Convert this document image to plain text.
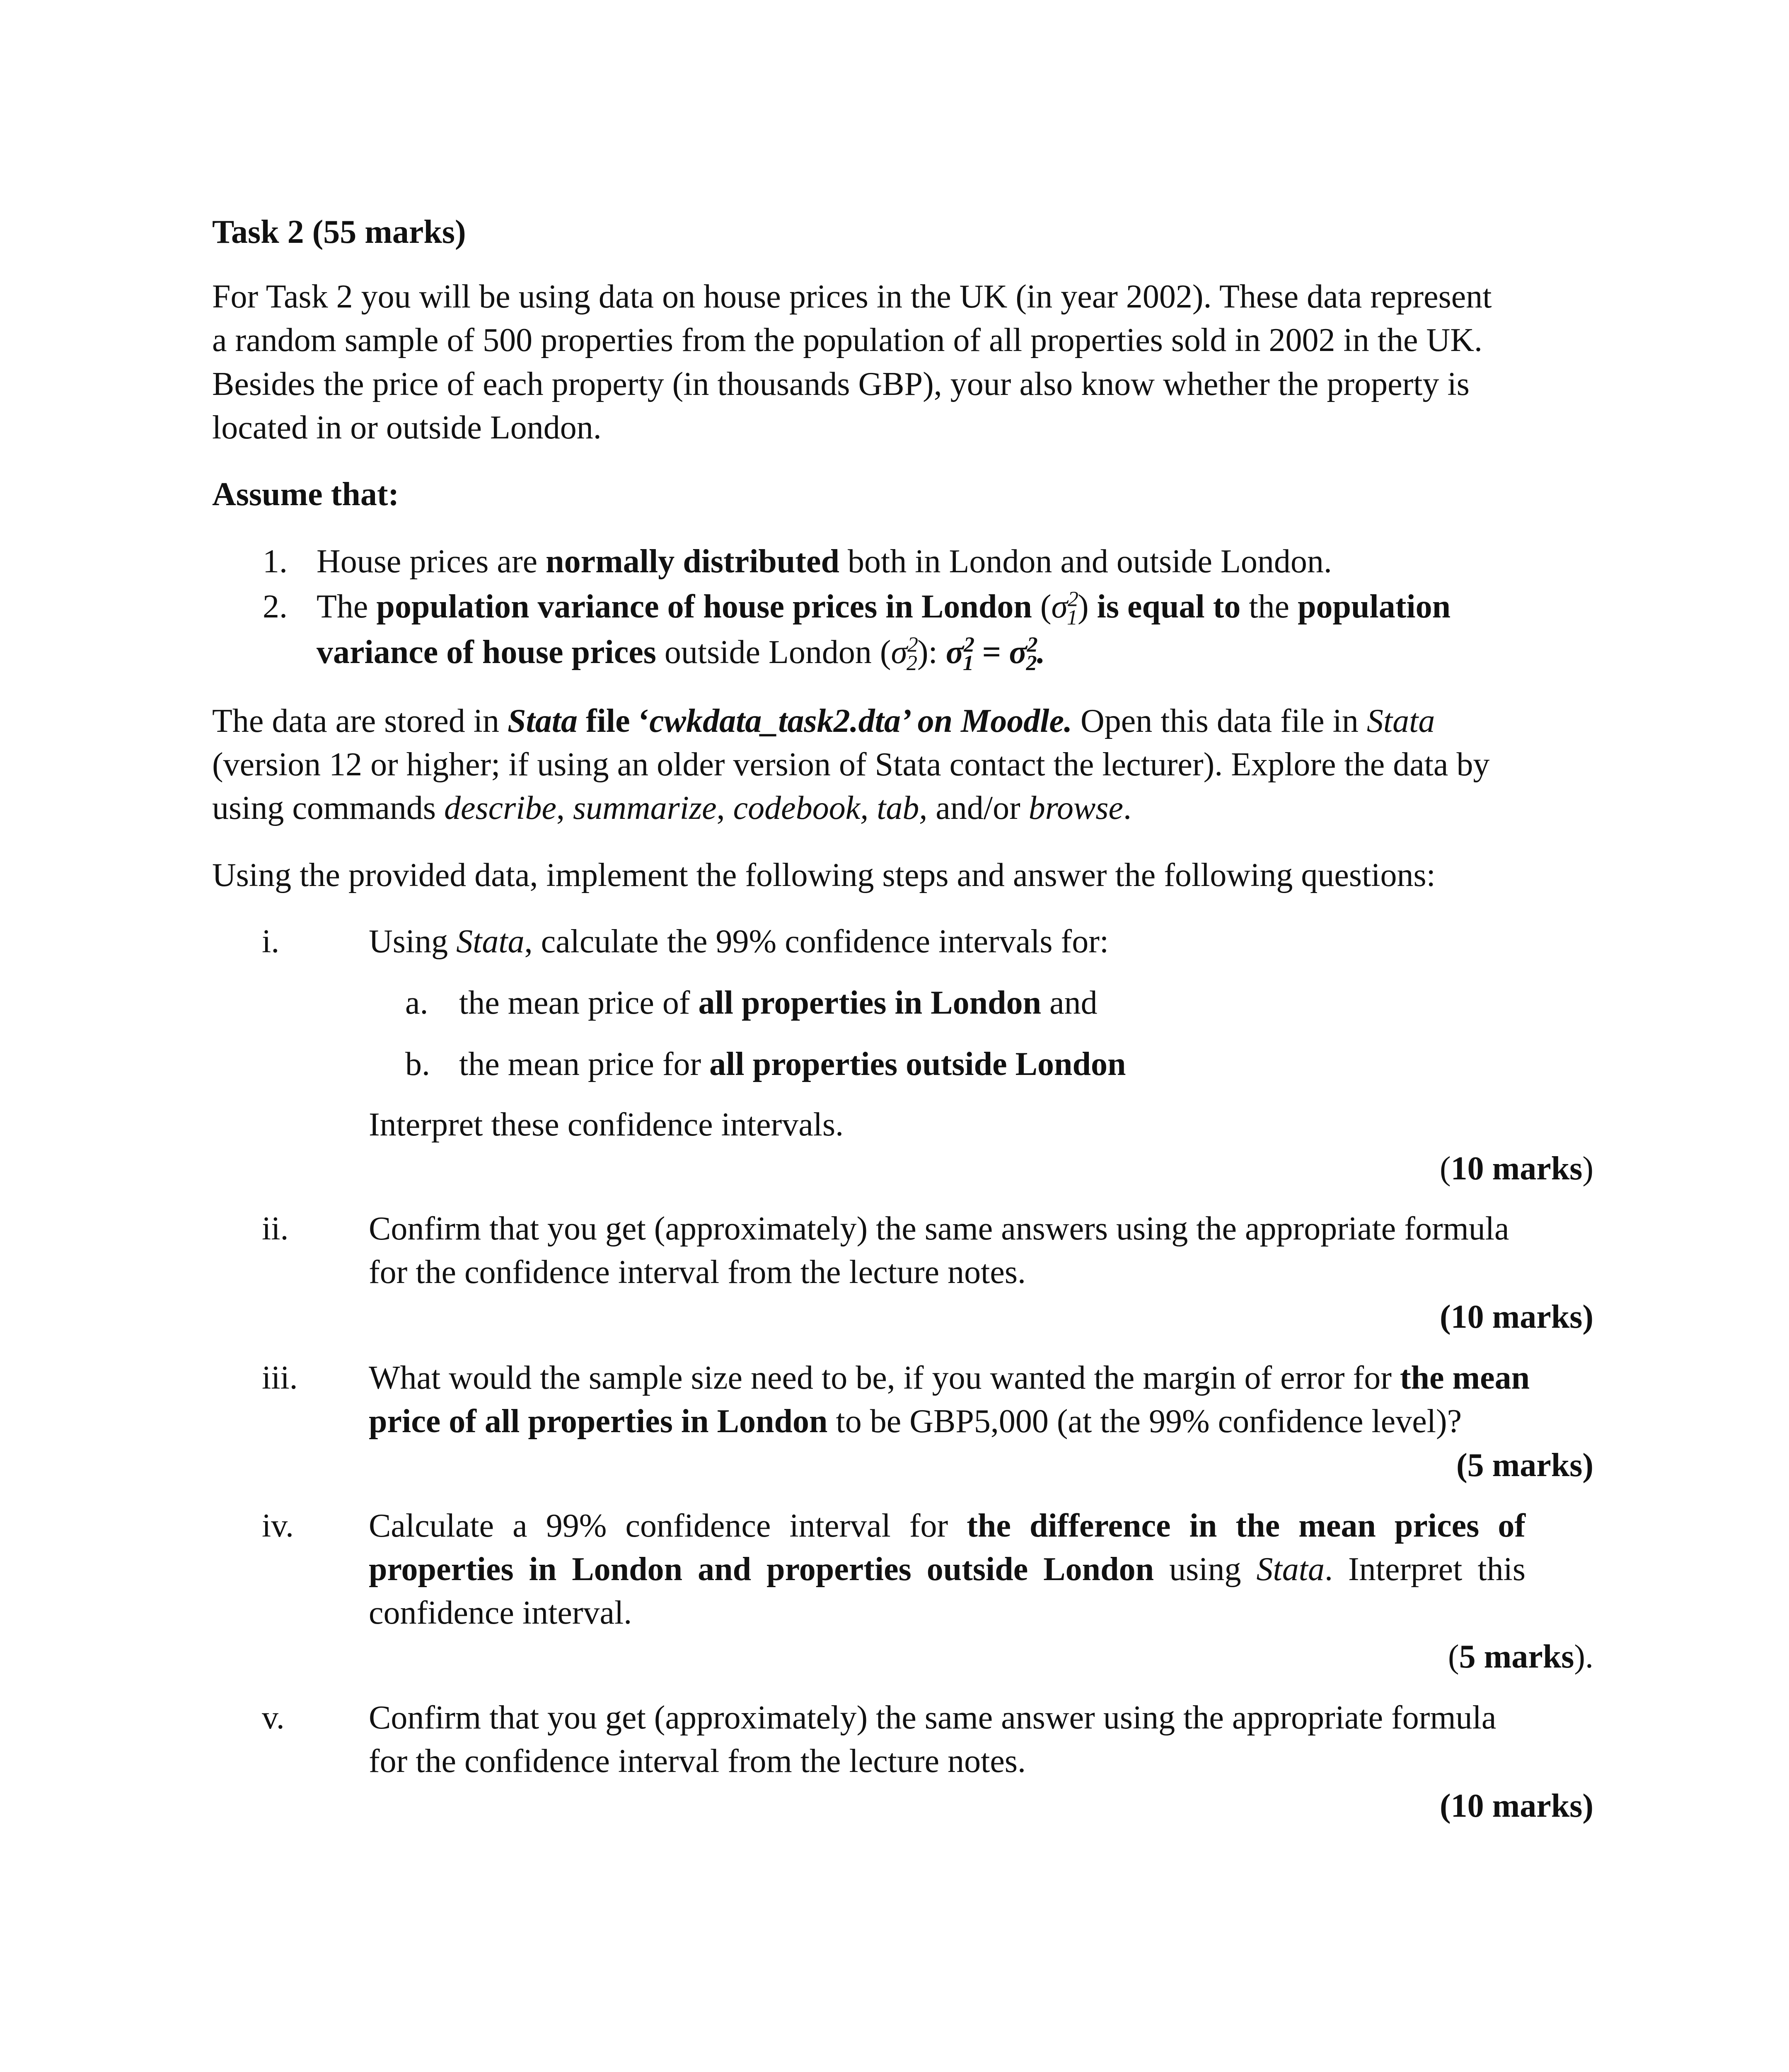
Task 2 (55 marks)
For Task 2 you will be using data on house prices in the UK (in year 2002). These data represent
a random sample of 500 properties from the population of all properties sold in 2002 in the UK.
Besides the price of each property (in thousands GBP), your also know whether the property is
located in or outside London.
Assume that:
1. House prices are normally distributed both in London and outside London.
2. The population variance of house prices in London $(\sigma^2_1)$ is equal to the population
variance of house prices outside London $(\sigma^2_2)$: $\sigma^2_1 = \sigma^2_2$.
The data are stored in Stata file ‘cwkdata_task2.dta’ on Moodle. Open this data file in Stata
(version 12 or higher; if using an older version of Stata contact the lecturer). Explore the data by
using commands describe, summarize, codebook, tab, and/or browse.
Using the provided data, implement the following steps and answer the following questions:
i.	Using Stata, calculate the 99% confidence intervals for:
a. the mean price of all properties in London and
b. the mean price for all properties outside London
Interpret these confidence intervals.
(10 marks)
ii. Confirm that you get (approximately) the same answers using the appropriate formula
for the confidence interval from the lecture notes.
(10 marks)
iii. What would the sample size need to be, if you wanted the margin of error for the mean
price of all properties in London to be GBP5,000 (at the 99% confidence level)?
(5 marks)
iv. Calculate a 99% confidence interval for the difference in the mean prices of
properties in London and properties outside London using Stata. Interpret this
confidence interval.
(5 marks).
v.	Confirm that you get (approximately) the same answer using the appropriate formula
for the confidence interval from the lecture notes.
(10 marks)
